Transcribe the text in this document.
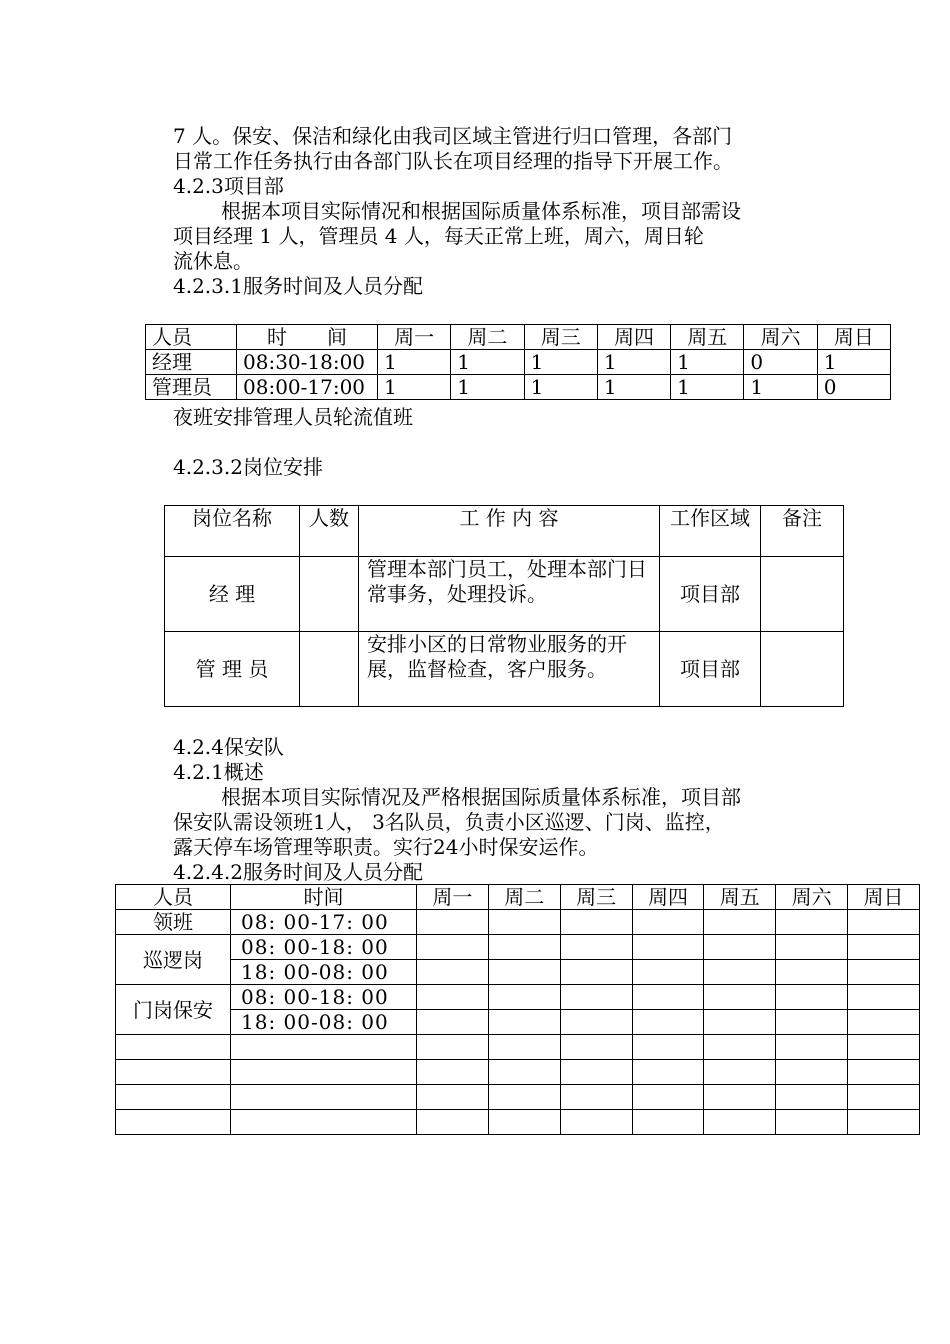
7 人。保安、保洁和绿化由我司区域主管进行归口管理，各部门
日常工作任务执行由各部门队长在项目经理的指导下开展工作。
4.2.3项目部
根据本项目实际情况和根据国际质量体系标准，项目部需设
项目经理 1 人，管理员 4 人，每天正常上班，周六，周日轮
流休息。
4.2.3.1服务时间及人员分配
人员	时　　间	周一	周二	周三	周四	周五	周六	周日
经理	08:30-18:00	1	1	1	1	1	0	1
管理员	08:00-17:00	1	1	1	1	1	1	0
夜班安排管理人员轮流值班
4.2.3.2岗位安排
岗位名称	人数	工 作 内 容	工作区域	备注
经 理		管理本部门员工，处理本部门日常事务，处理投诉。	项目部	
管 理 员		安排小区的日常物业服务的开展，监督检查，客户服务。	项目部	
4.2.4保安队
4.2.1概述
根据本项目实际情况及严格根据国际质量体系标准，项目部
保安队需设领班1人， 3名队员，负责小区巡逻、门岗、监控，
露天停车场管理等职责。实行24小时保安运作。
4.2.4.2服务时间及人员分配
人员	时间	周一	周二	周三	周四	周五	周六	周日
领班	08: 00-17: 00							
巡逻岗	08: 00-18: 00							
	18: 00-08: 00							
门岗保安	08: 00-18: 00							
	18: 00-08: 00							
